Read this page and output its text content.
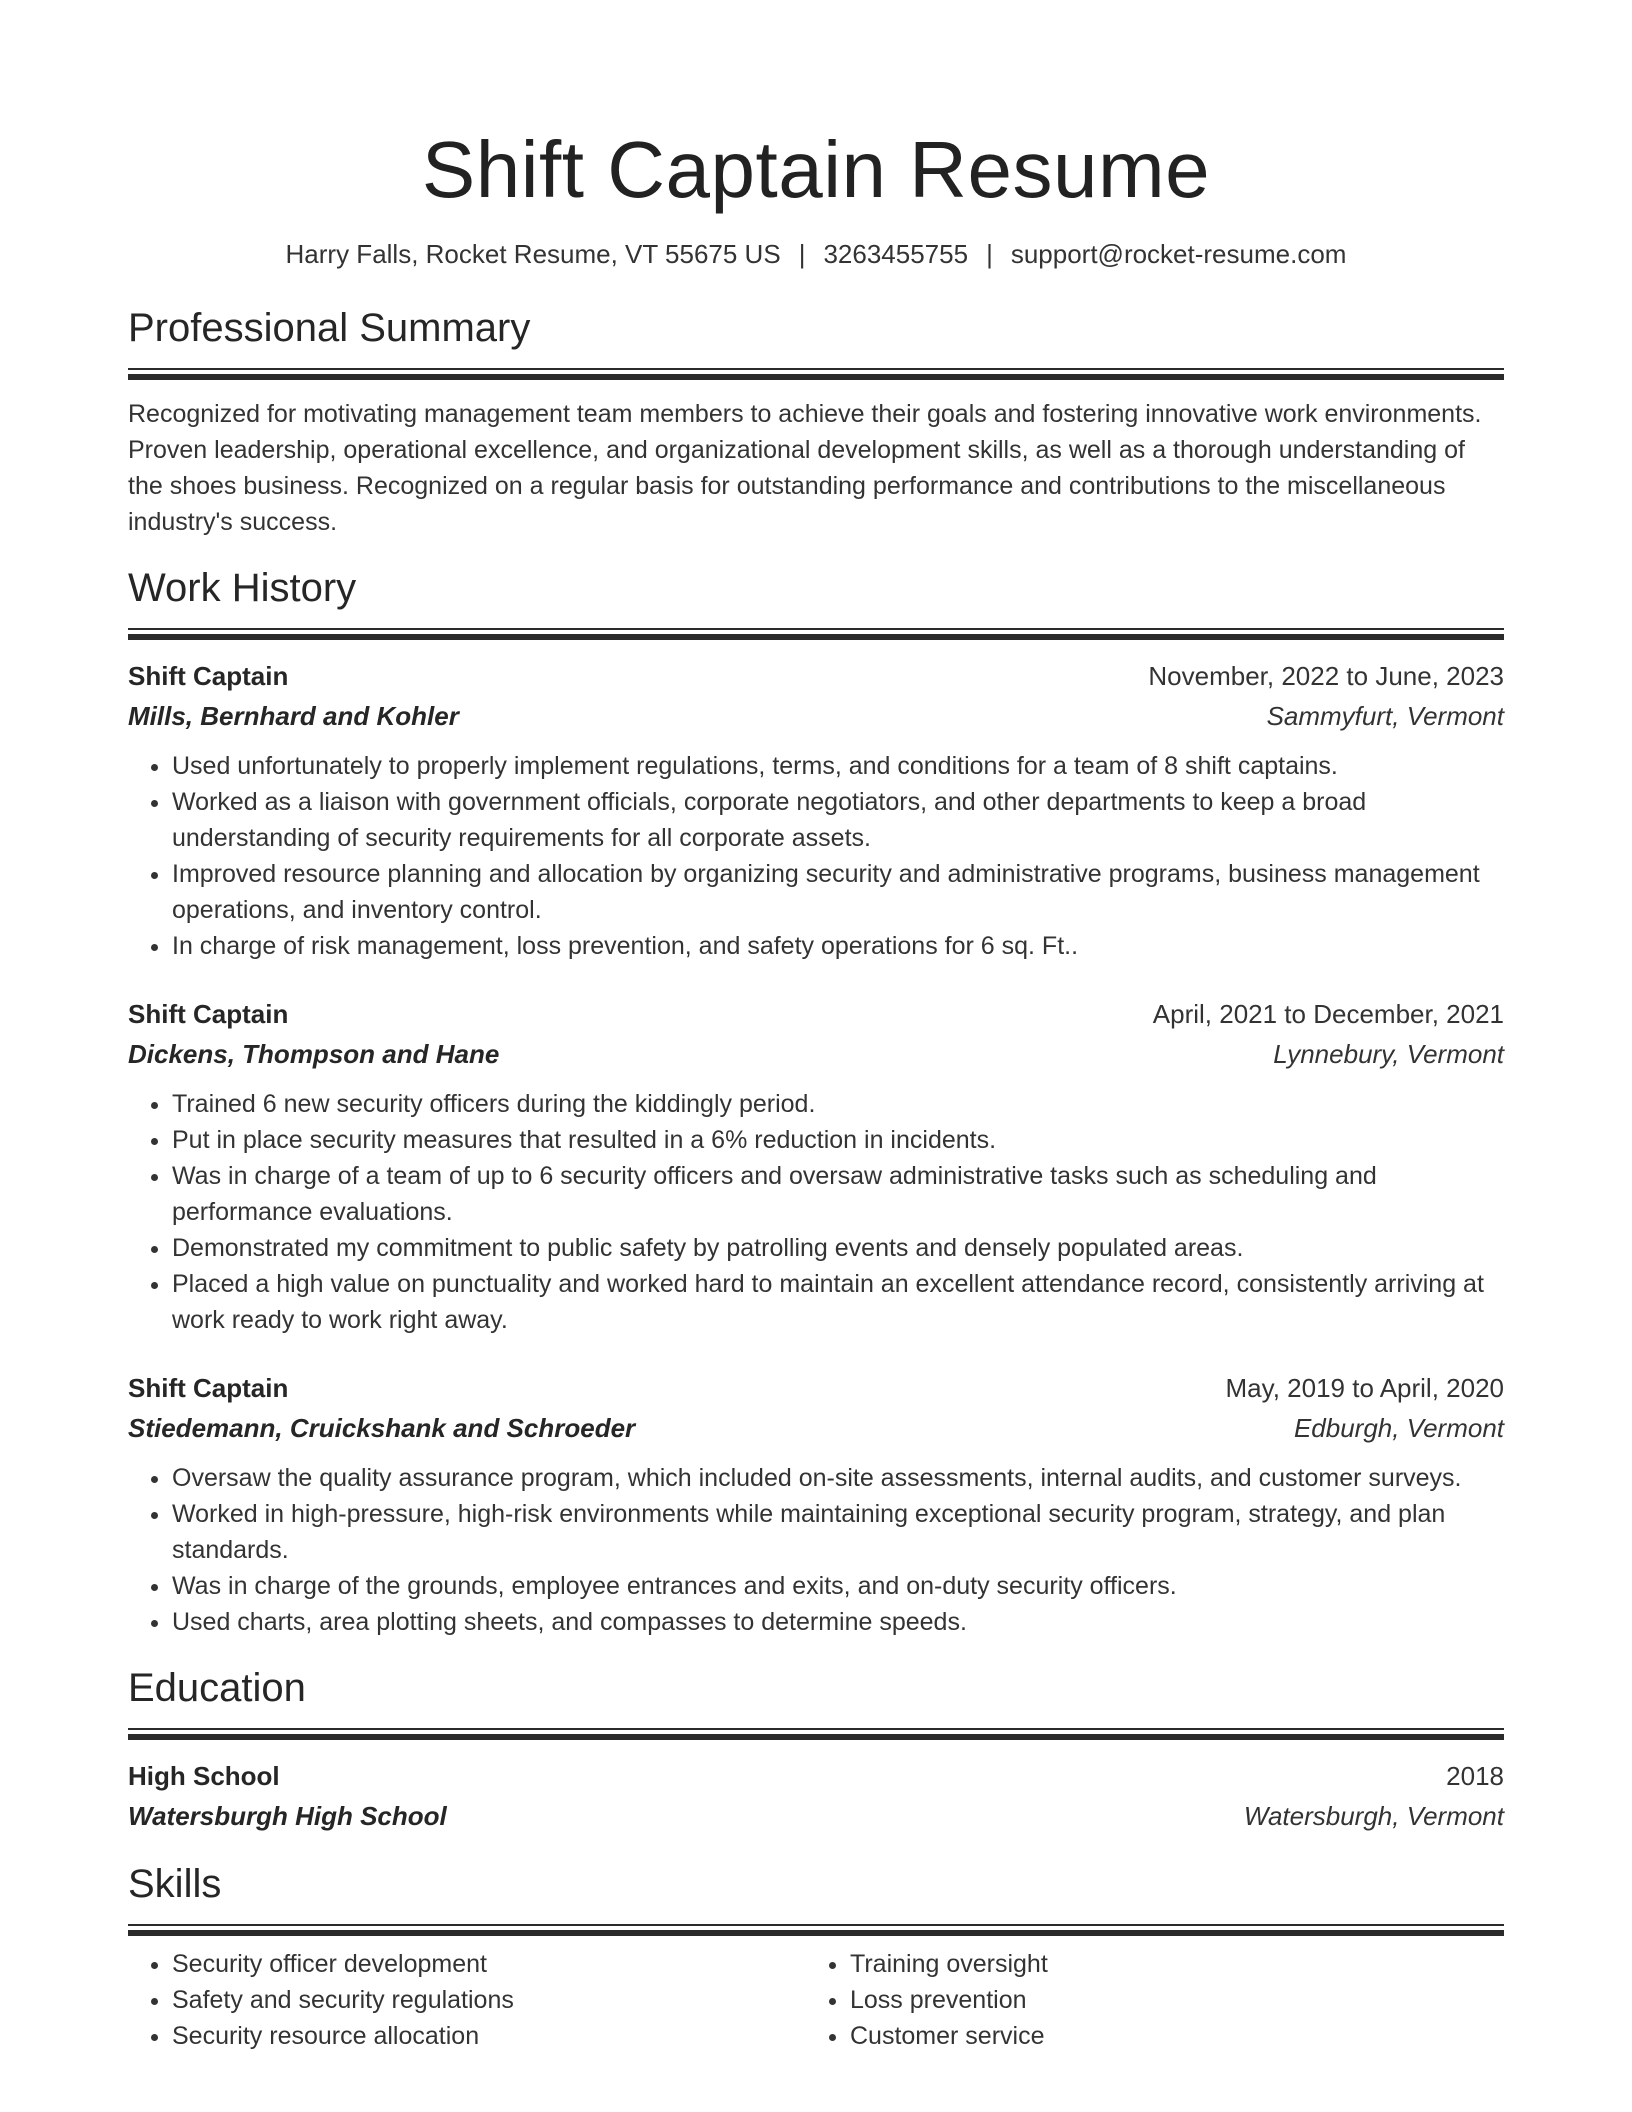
Shift Captain Resume
Harry Falls, Rocket Resume, VT 55675 US | 3263455755 | support@rocket-resume.com
Professional Summary
Recognized for motivating management team members to achieve their goals and fostering innovative work environments. Proven leadership, operational excellence, and organizational development skills, as well as a thorough understanding of the shoes business. Recognized on a regular basis for outstanding performance and contributions to the miscellaneous industry's success.
Work History
Shift Captain	November, 2022 to June, 2023
Mills, Bernhard and Kohler	Sammyfurt, Vermont
• Used unfortunately to properly implement regulations, terms, and conditions for a team of 8 shift captains.
• Worked as a liaison with government officials, corporate negotiators, and other departments to keep a broad understanding of security requirements for all corporate assets.
• Improved resource planning and allocation by organizing security and administrative programs, business management operations, and inventory control.
• In charge of risk management, loss prevention, and safety operations for 6 sq. Ft..
Shift Captain	April, 2021 to December, 2021
Dickens, Thompson and Hane	Lynnebury, Vermont
• Trained 6 new security officers during the kiddingly period.
• Put in place security measures that resulted in a 6% reduction in incidents.
• Was in charge of a team of up to 6 security officers and oversaw administrative tasks such as scheduling and performance evaluations.
• Demonstrated my commitment to public safety by patrolling events and densely populated areas.
• Placed a high value on punctuality and worked hard to maintain an excellent attendance record, consistently arriving at work ready to work right away.
Shift Captain	May, 2019 to April, 2020
Stiedemann, Cruickshank and Schroeder	Edburgh, Vermont
• Oversaw the quality assurance program, which included on-site assessments, internal audits, and customer surveys.
• Worked in high-pressure, high-risk environments while maintaining exceptional security program, strategy, and plan standards.
• Was in charge of the grounds, employee entrances and exits, and on-duty security officers.
• Used charts, area plotting sheets, and compasses to determine speeds.
Education
High School	2018
Watersburgh High School	Watersburgh, Vermont
Skills
• Security officer development
• Safety and security regulations
• Security resource allocation
• Training oversight
• Loss prevention
• Customer service
